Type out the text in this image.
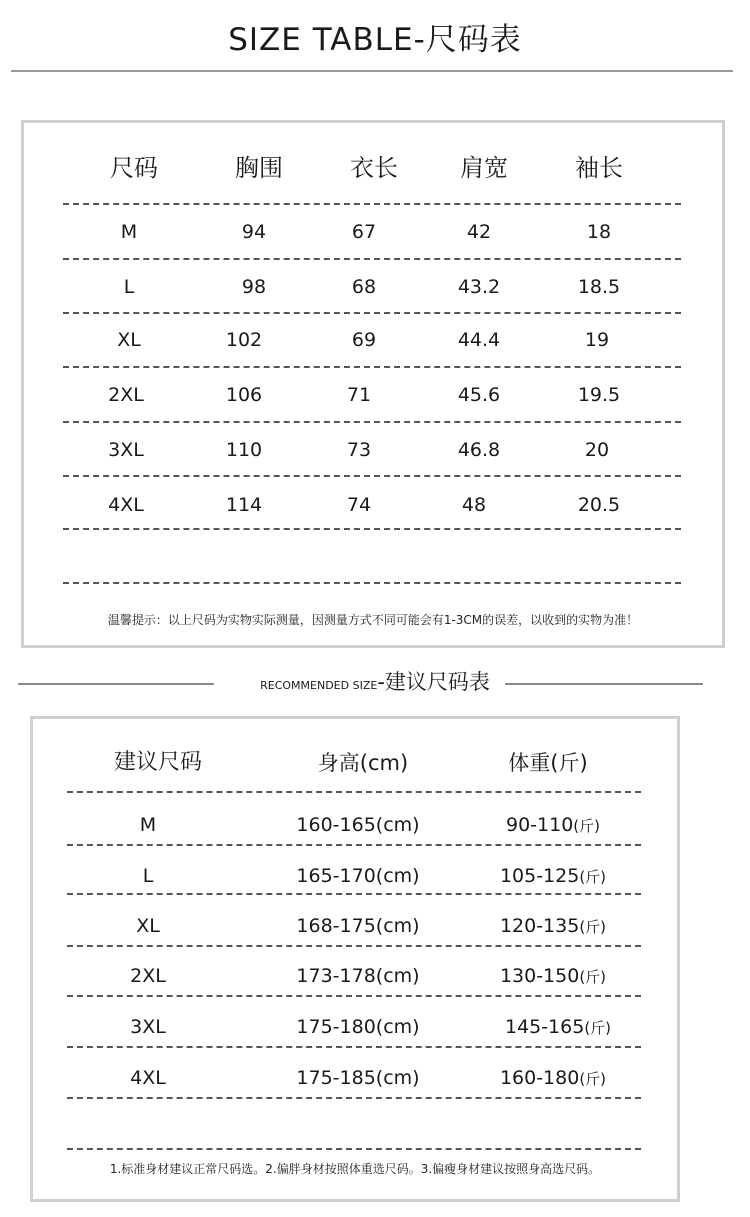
SIZE TABLE-尺码表
尺码	胸围	衣长	肩宽	袖长
M	94	67	42	18
L	98	68	43.2	18.5
XL	102	69	44.4	19
2XL	106	71	45.6	19.5
3XL	110	73	46.8	20
4XL	114	74	48	20.5
温馨提示：以上尺码为实物实际测量，因测量方式不同可能会有1-3CM的误差，以收到的实物为准！
RECOMMENDED SIZE-建议尺码表
建议尺码	身高(cm)	体重(斤)
M	160-165(cm)	90-110(斤)
L	165-170(cm)	105-125(斤)
XL	168-175(cm)	120-135(斤)
2XL	173-178(cm)	130-150(斤)
3XL	175-180(cm)	145-165(斤)
4XL	175-185(cm)	160-180(斤)
1.标准身材建议正常尺码选。2.偏胖身材按照体重选尺码。3.偏瘦身材建议按照身高选尺码。
